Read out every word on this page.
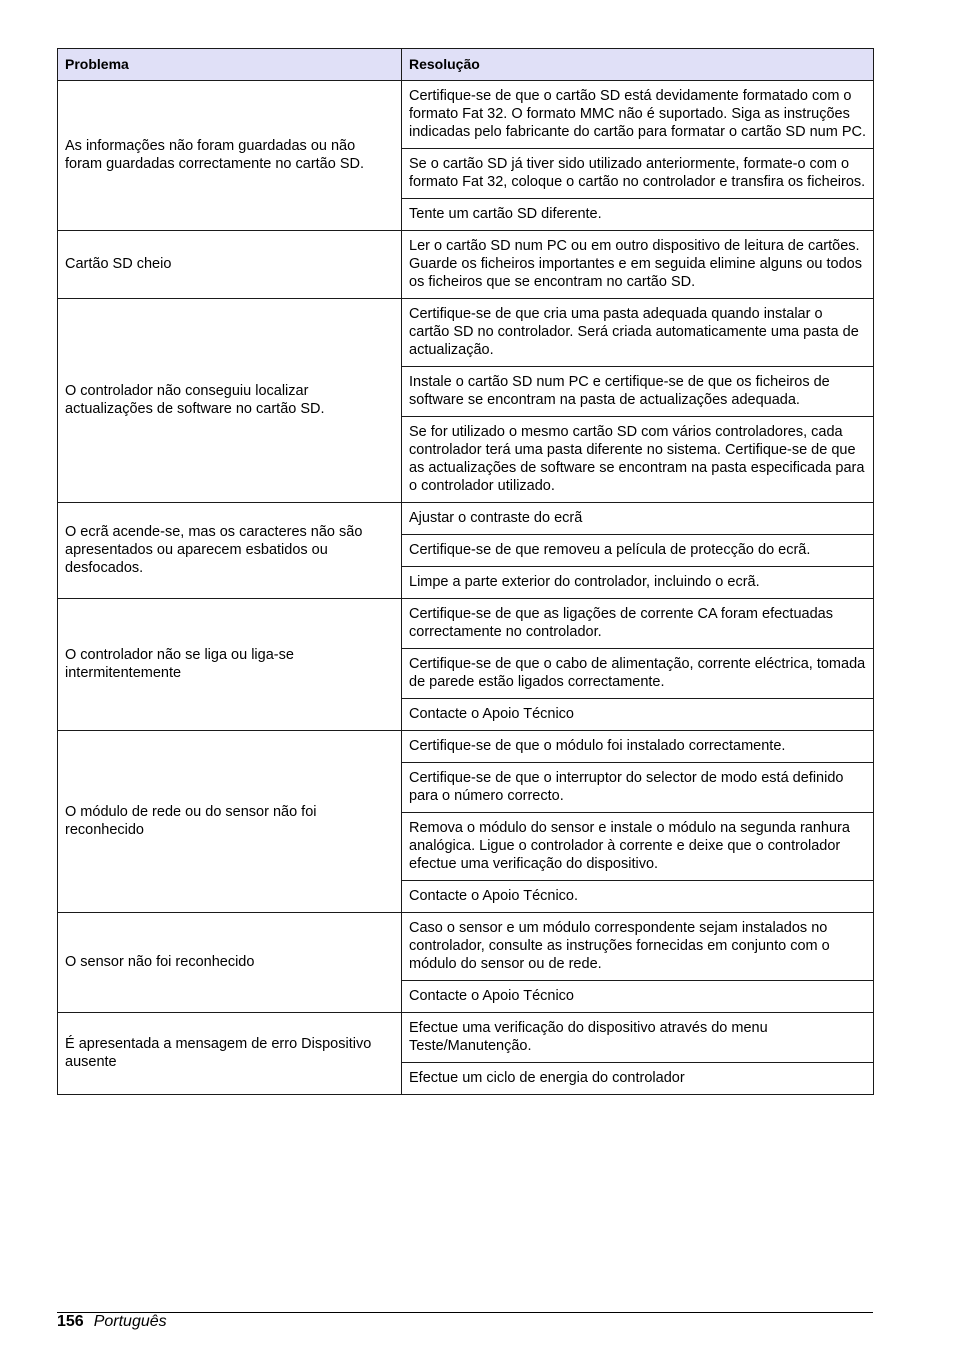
Problema	Resolução
As informações não foram guardadas ou não foram guardadas correctamente no cartão SD.	Certifique-se de que o cartão SD está devidamente formatado com o formato Fat 32. O formato MMC não é suportado. Siga as instruções indicadas pelo fabricante do cartão para formatar o cartão SD num PC.
	Se o cartão SD já tiver sido utilizado anteriormente, formate-o com o formato Fat 32, coloque o cartão no controlador e transfira os ficheiros.
	Tente um cartão SD diferente.
Cartão SD cheio	Ler o cartão SD num PC ou em outro dispositivo de leitura de cartões. Guarde os ficheiros importantes e em seguida elimine alguns ou todos os ficheiros que se encontram no cartão SD.
O controlador não conseguiu localizar actualizações de software no cartão SD.	Certifique-se de que cria uma pasta adequada quando instalar o cartão SD no controlador. Será criada automaticamente uma pasta de actualização.
	Instale o cartão SD num PC e certifique-se de que os ficheiros de software se encontram na pasta de actualizações adequada.
	Se for utilizado o mesmo cartão SD com vários controladores, cada controlador terá uma pasta diferente no sistema. Certifique-se de que as actualizações de software se encontram na pasta especificada para o controlador utilizado.
O ecrã acende-se, mas os caracteres não são apresentados ou aparecem esbatidos ou desfocados.	Ajustar o contraste do ecrã
	Certifique-se de que removeu a película de protecção do ecrã.
	Limpe a parte exterior do controlador, incluindo o ecrã.
O controlador não se liga ou liga-se intermitentemente	Certifique-se de que as ligações de corrente CA foram efectuadas correctamente no controlador.
	Certifique-se de que o cabo de alimentação, corrente eléctrica, tomada de parede estão ligados correctamente.
	Contacte o Apoio Técnico
O módulo de rede ou do sensor não foi reconhecido	Certifique-se de que o módulo foi instalado correctamente.
	Certifique-se de que o interruptor do selector de modo está definido para o número correcto.
	Remova o módulo do sensor e instale o módulo na segunda ranhura analógica. Ligue o controlador à corrente e deixe que o controlador efectue uma verificação do dispositivo.
	Contacte o Apoio Técnico.
O sensor não foi reconhecido	Caso o sensor e um módulo correspondente sejam instalados no controlador, consulte as instruções fornecidas em conjunto com o módulo do sensor ou de rede.
	Contacte o Apoio Técnico
É apresentada a mensagem de erro Dispositivo ausente	Efectue uma verificação do dispositivo através do menu Teste/Manutenção.
	Efectue um ciclo de energia do controlador
156 Português
